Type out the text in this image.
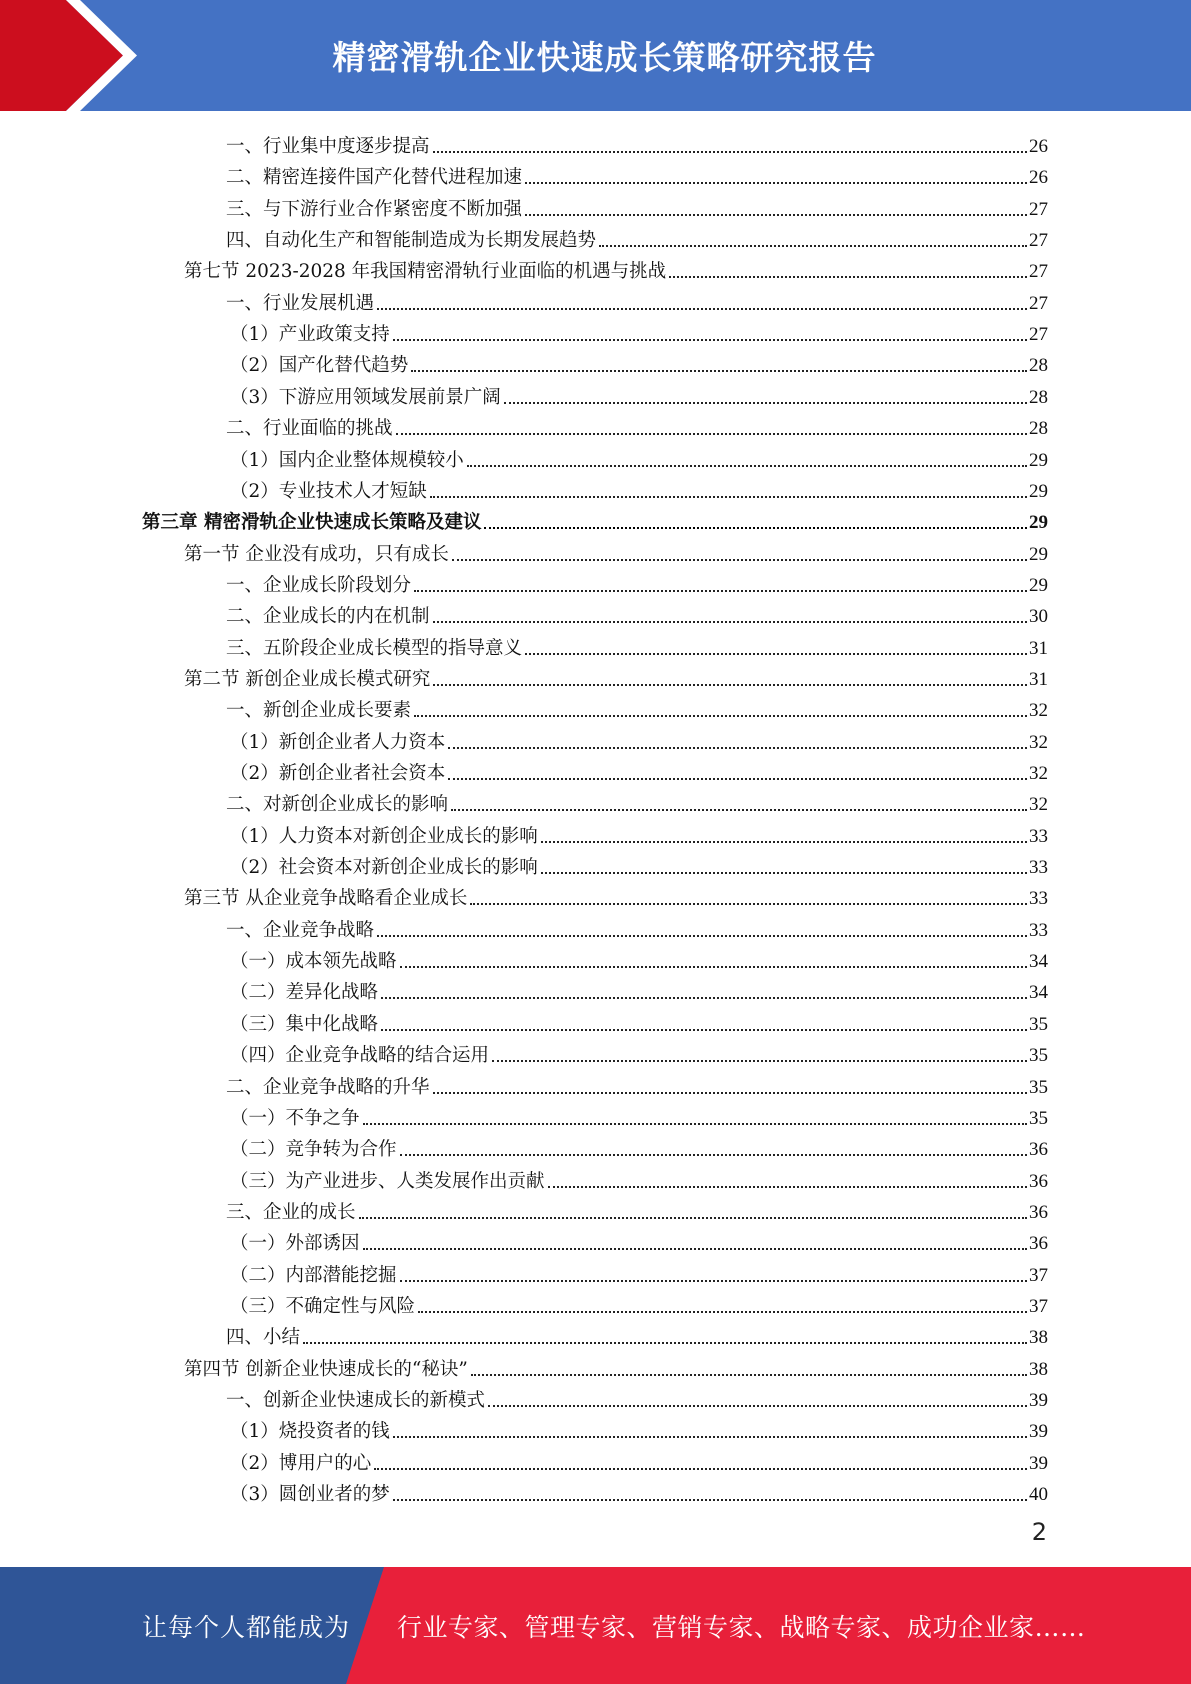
精密滑轨企业快速成长策略研究报告
一、行业集中度逐步提高	26
二、精密连接件国产化替代进程加速	26
三、与下游行业合作紧密度不断加强	27
四、自动化生产和智能制造成为长期发展趋势	27
第七节 2023-2028 年我国精密滑轨行业面临的机遇与挑战	27
一、行业发展机遇	27
（1）产业政策支持	27
（2）国产化替代趋势	28
（3）下游应用领域发展前景广阔	28
二、行业面临的挑战	28
（1）国内企业整体规模较小	29
（2）专业技术人才短缺	29
第三章 精密滑轨企业快速成长策略及建议	29
第一节 企业没有成功，只有成长	29
一、企业成长阶段划分	29
二、企业成长的内在机制	30
三、五阶段企业成长模型的指导意义	31
第二节 新创企业成长模式研究	31
一、新创企业成长要素	32
（1）新创企业者人力资本	32
（2）新创企业者社会资本	32
二、对新创企业成长的影响	32
（1）人力资本对新创企业成长的影响	33
（2）社会资本对新创企业成长的影响	33
第三节 从企业竞争战略看企业成长	33
一、企业竞争战略	33
（一）成本领先战略	34
（二）差异化战略	34
（三）集中化战略	35
（四）企业竞争战略的结合运用	35
二、企业竞争战略的升华	35
（一）不争之争	35
（二）竞争转为合作	36
（三）为产业进步、人类发展作出贡献	36
三、企业的成长	36
（一）外部诱因	36
（二）内部潜能挖掘	37
（三）不确定性与风险	37
四、小结	38
第四节 创新企业快速成长的“秘诀”	38
一、创新企业快速成长的新模式	39
（1）烧投资者的钱	39
（2）博用户的心	39
（3）圆创业者的梦	40
2
让每个人都能成为 行业专家、管理专家、营销专家、战略专家、成功企业家……
